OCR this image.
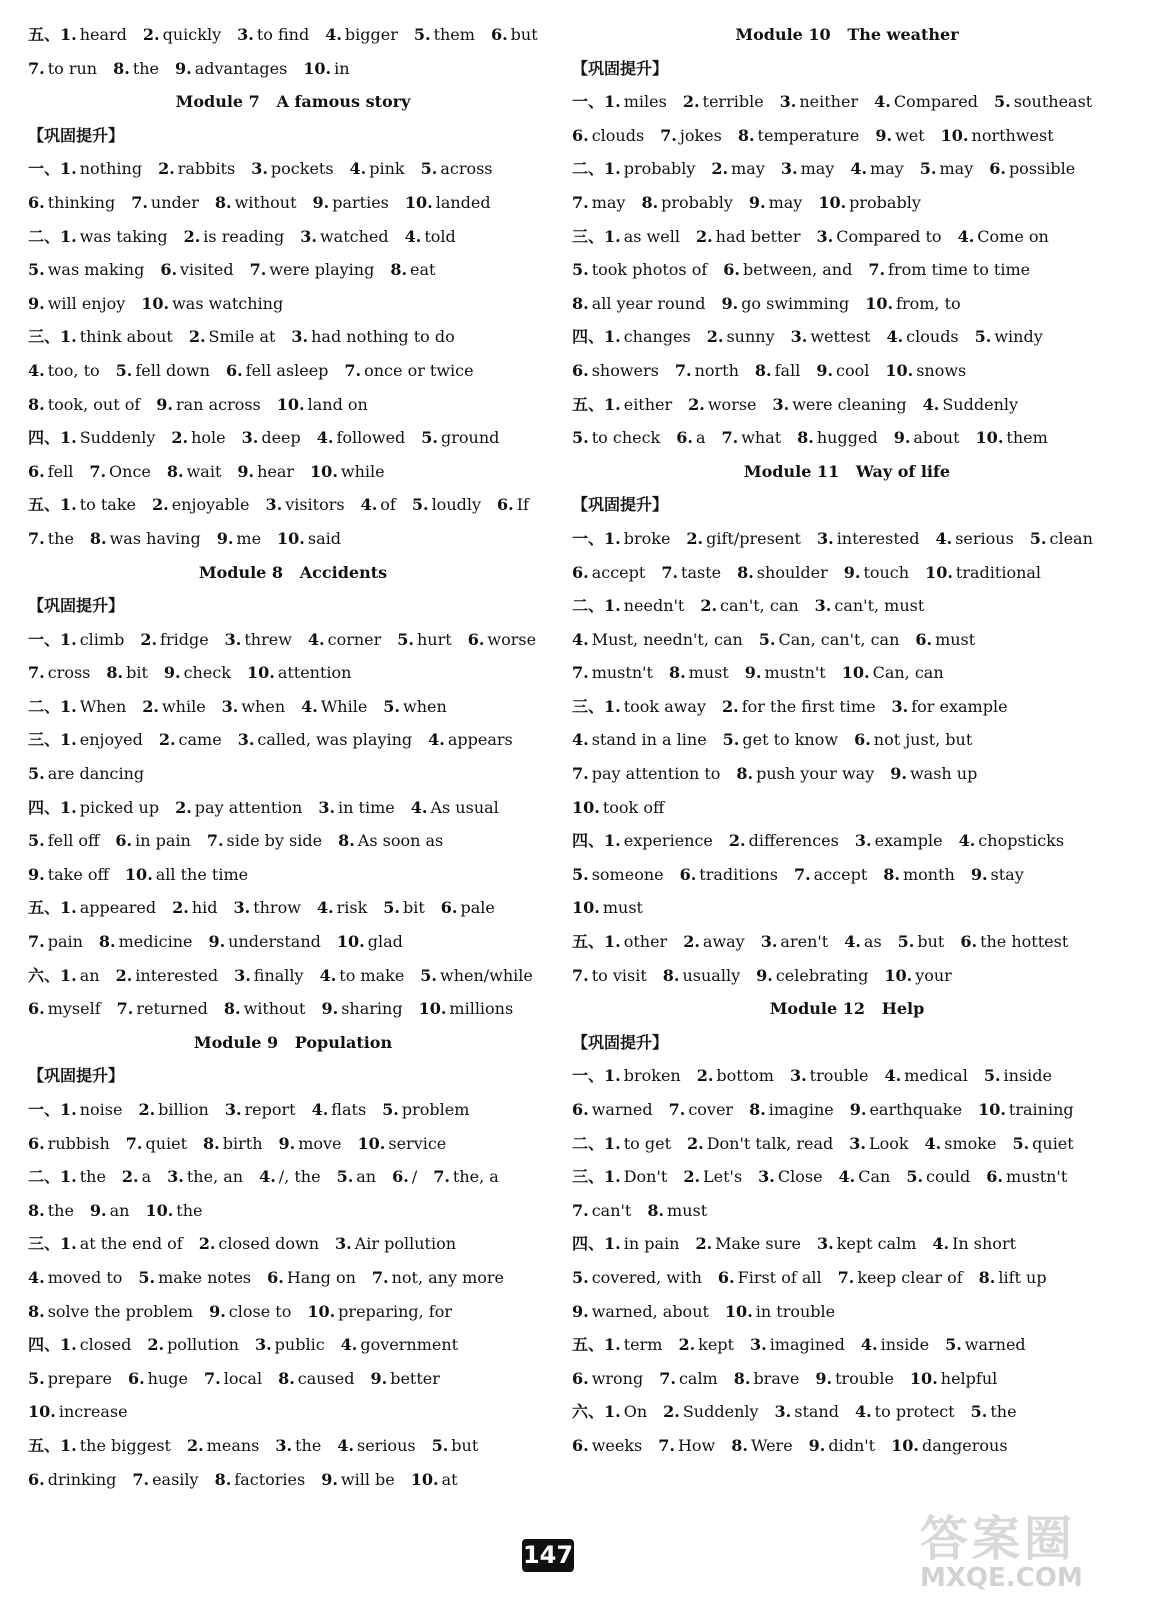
五、1. heard 2. quickly 3. to find 4. bigger 5. them 6. but
7. to run 8. the 9. advantages 10. in
Module 7   A famous story
【巩固提升】
一、1. nothing 2. rabbits 3. pockets 4. pink 5. across
6. thinking 7. under 8. without 9. parties 10. landed
二、1. was taking 2. is reading 3. watched 4. told
5. was making 6. visited 7. were playing 8. eat
9. will enjoy 10. was watching
三、1. think about 2. Smile at 3. had nothing to do
4. too, to 5. fell down 6. fell asleep 7. once or twice
8. took, out of 9. ran across 10. land on
四、1. Suddenly 2. hole 3. deep 4. followed 5. ground
6. fell 7. Once 8. wait 9. hear 10. while
五、1. to take 2. enjoyable 3. visitors 4. of 5. loudly 6. If
7. the 8. was having 9. me 10. said
Module 8   Accidents
【巩固提升】
一、1. climb 2. fridge 3. threw 4. corner 5. hurt 6. worse
7. cross 8. bit 9. check 10. attention
二、1. When 2. while 3. when 4. While 5. when
三、1. enjoyed 2. came 3. called, was playing 4. appears
5. are dancing
四、1. picked up 2. pay attention 3. in time 4. As usual
5. fell off 6. in pain 7. side by side 8. As soon as
9. take off 10. all the time
五、1. appeared 2. hid 3. throw 4. risk 5. bit 6. pale
7. pain 8. medicine 9. understand 10. glad
六、1. an 2. interested 3. finally 4. to make 5. when/while
6. myself 7. returned 8. without 9. sharing 10. millions
Module 9   Population
【巩固提升】
一、1. noise 2. billion 3. report 4. flats 5. problem
6. rubbish 7. quiet 8. birth 9. move 10. service
二、1. the 2. a 3. the, an 4. /, the 5. an 6. / 7. the, a
8. the 9. an 10. the
三、1. at the end of 2. closed down 3. Air pollution
4. moved to 5. make notes 6. Hang on 7. not, any more
8. solve the problem 9. close to 10. preparing, for
四、1. closed 2. pollution 3. public 4. government
5. prepare 6. huge 7. local 8. caused 9. better
10. increase
五、1. the biggest 2. means 3. the 4. serious 5. but
6. drinking 7. easily 8. factories 9. will be 10. at
Module 10   The weather
【巩固提升】
一、1. miles 2. terrible 3. neither 4. Compared 5. southeast
6. clouds 7. jokes 8. temperature 9. wet 10. northwest
二、1. probably 2. may 3. may 4. may 5. may 6. possible
7. may 8. probably 9. may 10. probably
三、1. as well 2. had better 3. Compared to 4. Come on
5. took photos of 6. between, and 7. from time to time
8. all year round 9. go swimming 10. from, to
四、1. changes 2. sunny 3. wettest 4. clouds 5. windy
6. showers 7. north 8. fall 9. cool 10. snows
五、1. either 2. worse 3. were cleaning 4. Suddenly
5. to check 6. a 7. what 8. hugged 9. about 10. them
Module 11   Way of life
【巩固提升】
一、1. broke 2. gift/present 3. interested 4. serious 5. clean
6. accept 7. taste 8. shoulder 9. touch 10. traditional
二、1. needn't 2. can't, can 3. can't, must
4. Must, needn't, can 5. Can, can't, can 6. must
7. mustn't 8. must 9. mustn't 10. Can, can
三、1. took away 2. for the first time 3. for example
4. stand in a line 5. get to know 6. not just, but
7. pay attention to 8. push your way 9. wash up
10. took off
四、1. experience 2. differences 3. example 4. chopsticks
5. someone 6. traditions 7. accept 8. month 9. stay
10. must
五、1. other 2. away 3. aren't 4. as 5. but 6. the hottest
7. to visit 8. usually 9. celebrating 10. your
Module 12   Help
【巩固提升】
一、1. broken 2. bottom 3. trouble 4. medical 5. inside
6. warned 7. cover 8. imagine 9. earthquake 10. training
二、1. to get 2. Don't talk, read 3. Look 4. smoke 5. quiet
三、1. Don't 2. Let's 3. Close 4. Can 5. could 6. mustn't
7. can't 8. must
四、1. in pain 2. Make sure 3. kept calm 4. In short
5. covered, with 6. First of all 7. keep clear of 8. lift up
9. warned, about 10. in trouble
五、1. term 2. kept 3. imagined 4. inside 5. warned
6. wrong 7. calm 8. brave 9. trouble 10. helpful
六、1. On 2. Suddenly 3. stand 4. to protect 5. the
6. weeks 7. How 8. Were 9. didn't 10. dangerous
147	答案圈
MXQE.COM
